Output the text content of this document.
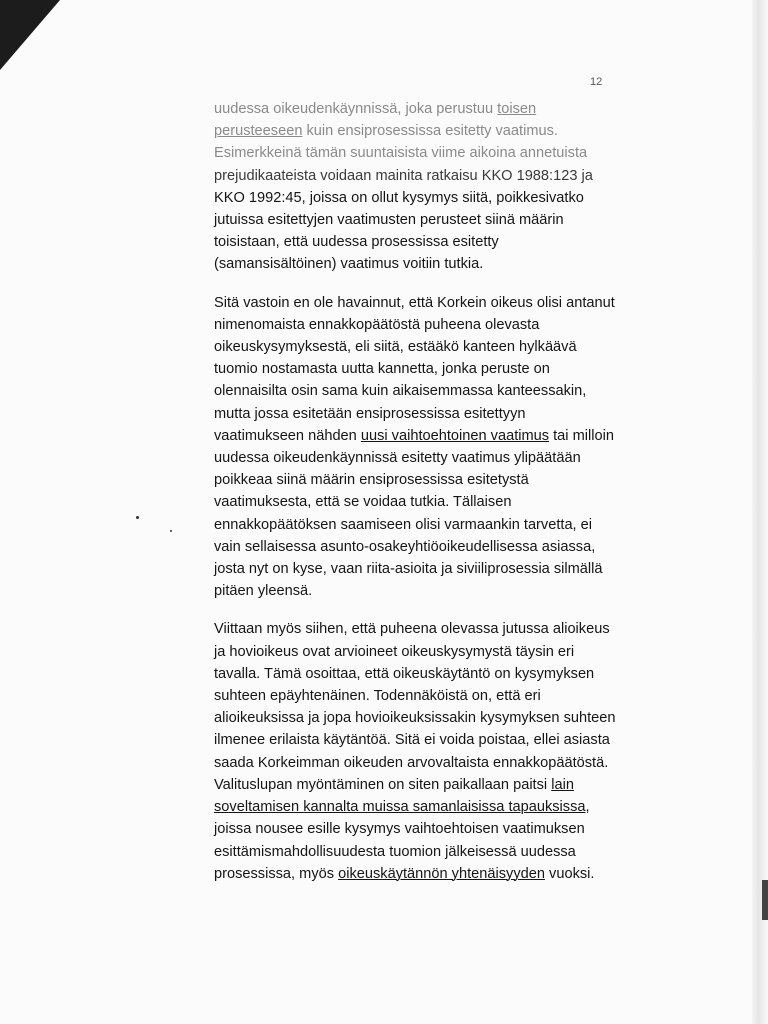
12

uudessa oikeudenkäynnissä, joka perustuu toisen
perusteeseen kuin ensiprosessissa esitetty vaatimus.
Esimerkkeinä tämän suuntaisista viime aikoina annetuista
prejudikaateista voidaan mainita ratkaisu KKO 1988:123 ja
KKO 1992:45, joissa on ollut kysymys siitä, poikkesivatko
jutuissa esitettyjen vaatimusten perusteet siinä määrin
toisistaan, että uudessa prosessissa esitetty
(samansisältöinen) vaatimus voitiin tutkia.

Sitä vastoin en ole havainnut, että Korkein oikeus olisi antanut
nimenomaista ennakkopäätöstä puheena olevasta
oikeuskysymyksestä, eli siitä, estääkö kanteen hylkäävä
tuomio nostamasta uutta kannetta, jonka peruste on
olennaisilta osin sama kuin aikaisemmassa kanteessakin,
mutta jossa esitetään ensiprosessissa esitettyyn
vaatimukseen nähden uusi vaihtoehtoinen vaatimus tai milloin
uudessa oikeudenkäynnissä esitetty vaatimus ylipäätään
poikkeaa siinä määrin ensiprosessissa esitetystä
vaatimuksesta, että se voidaa tutkia. Tällaisen
ennakkopäätöksen saamiseen olisi varmaankin tarvetta, ei
vain sellaisessa asunto-osakeyhtiöoikeudellisessa asiassa,
josta nyt on kyse, vaan riita-asioita ja siviiliprosessia silmällä
pitäen yleensä.

Viittaan myös siihen, että puheena olevassa jutussa alioikeus
ja hovioikeus ovat arvioineet oikeuskysymystä täysin eri
tavalla. Tämä osoittaa, että oikeuskäytäntö on kysymyksen
suhteen epäyhtenäinen. Todennäköistä on, että eri
alioikeuksissa ja jopa hovioikeuksissakin kysymyksen suhteen
ilmenee erilaista käytäntöä. Sitä ei voida poistaa, ellei asiasta
saada Korkeimman oikeuden arvovaltaista ennakkopäätöstä.
Valituslupan myöntäminen on siten paikallaan paitsi lain
soveltamisen kannalta muissa samanlaisissa tapauksissa,
joissa nousee esille kysymys vaihtoehtoisen vaatimuksen
esittämismahdollisuudesta tuomion jälkeisessä uudessa
prosessissa, myös oikeuskäytännön yhtenäisyyden vuoksi.
